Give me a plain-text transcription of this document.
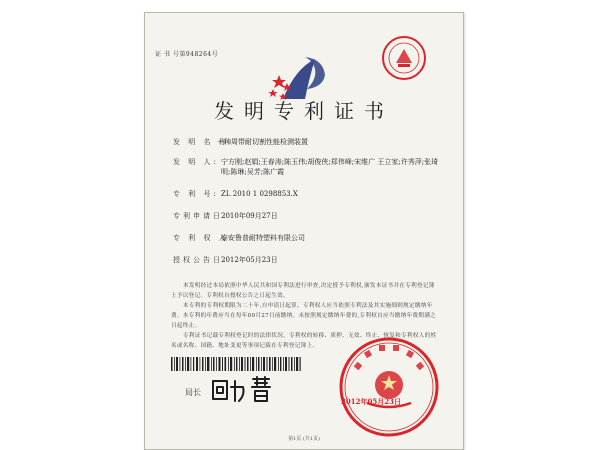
证 书 号第948264号
发明专利证书
发 明 名 称:
一种周带耐切割性能检测装置
发 明 人: 宁方刚;赵娟;王春涛;陈玉伟;胡俊侠;郑伟峰;宋维广 王立家;许秀萍;张琦明;陈琳;吴芳;陈广霞
专 利 号: ZL 2010 1 0298853.X
专利申请日:
2010年09月27日
专 利 权 人:
泰安鲁普耐特塑料有限公司
授权公告日:
2012年05月23日

本发明经过本局依照中华人民共和国专利法进行审查,决定授予专利权,颁发本证书并在专利登记簿上予以登记。专利权自授权公告之日起生效。

本专利的专利权期限为二十年,自申请日起算。专利权人应当依照专利法及其实施细则规定缴纳年费。本专利的年费应当在每年09月27日前缴纳。未按照规定缴纳年费的,专利权自应当缴纳年费期满之日起终止。

专利证书记载专利权登记时的法律状况。专利权的转移、质押、无效、终止、恢复和专利权人的姓名或名称、国籍、地址变更等事项记载在专利登记簿上。

局长
2012年05月23日
第1页 (共1页)
